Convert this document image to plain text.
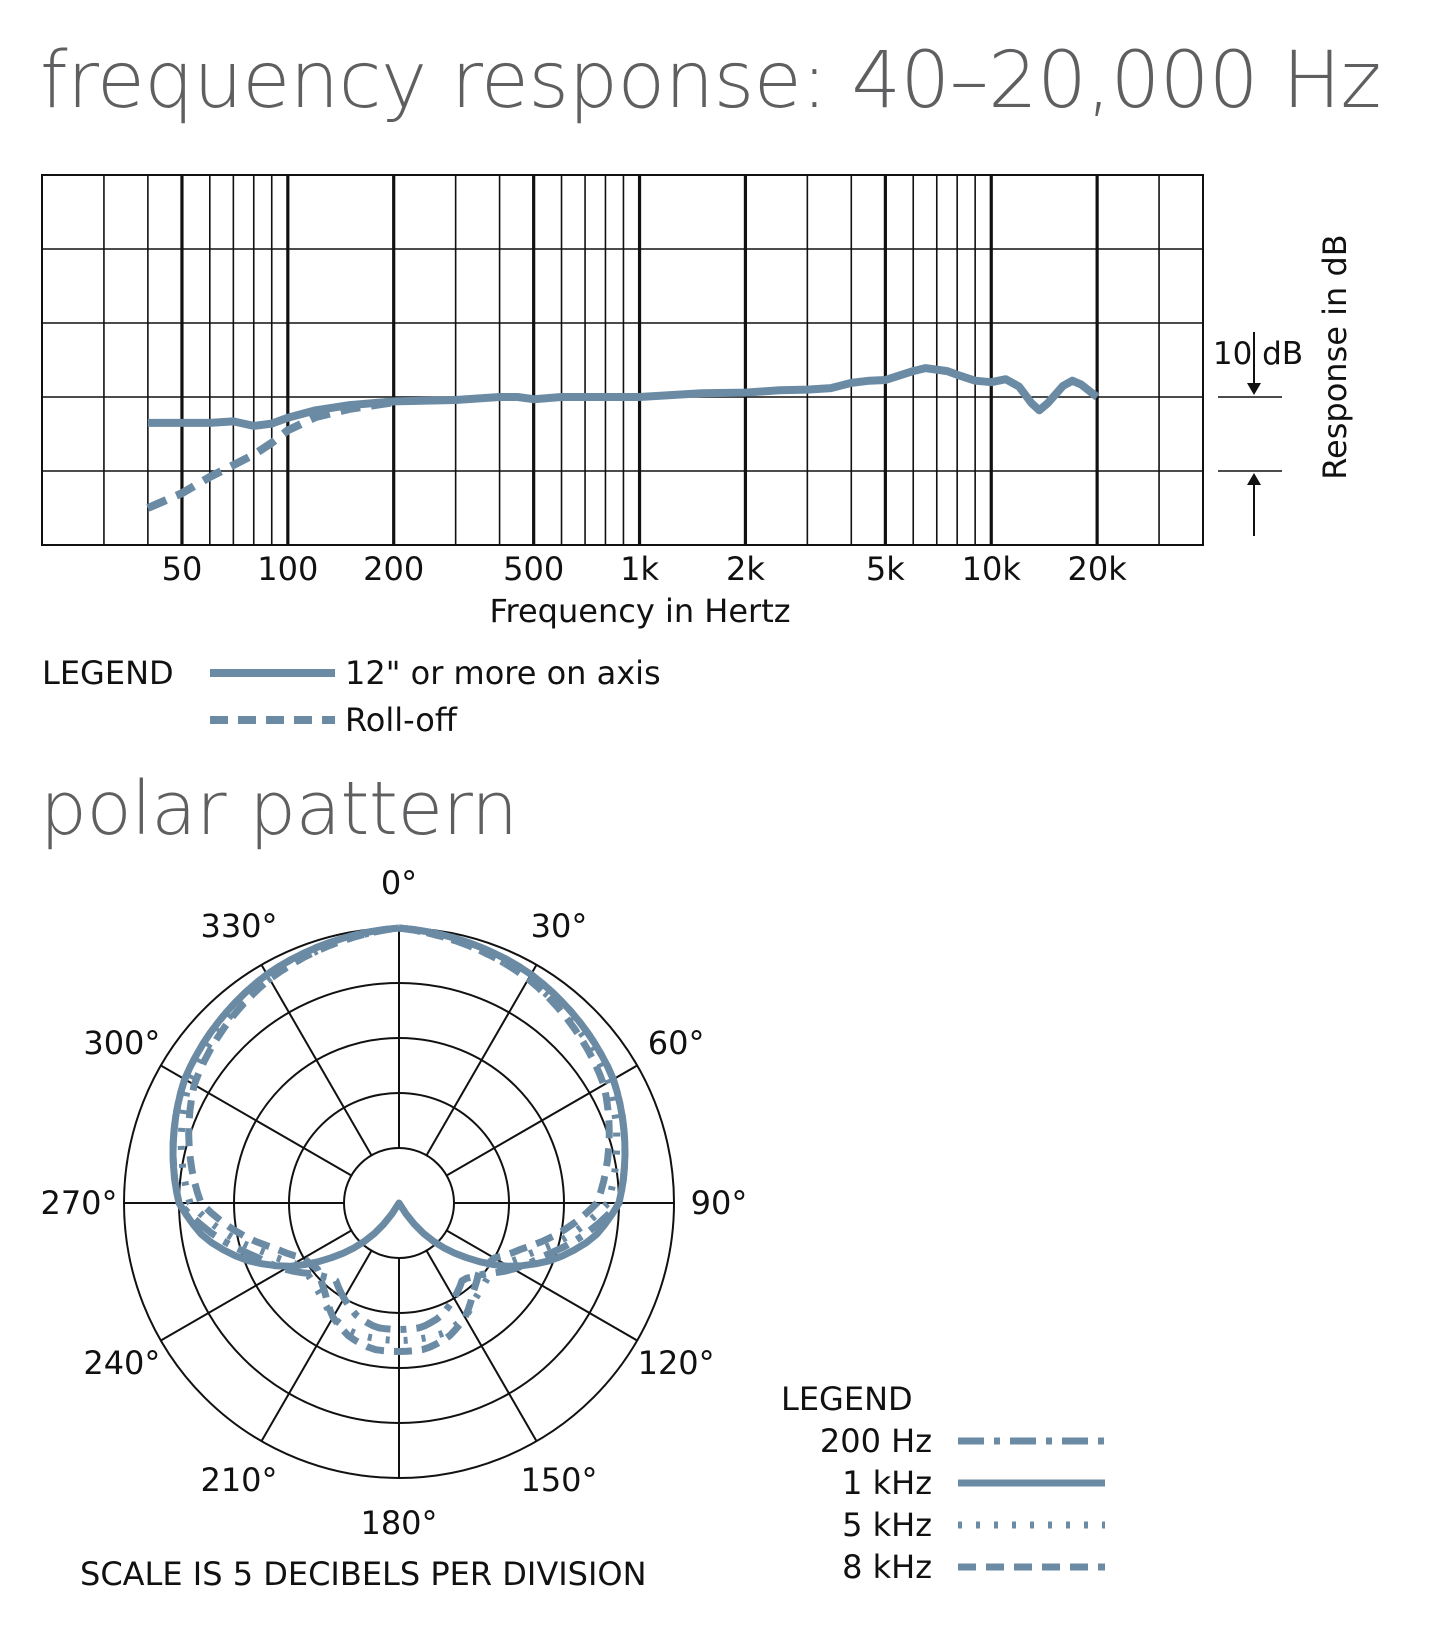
frequency response: 40–20,000 Hz
polar pattern
50 100 200 500 1k 2k	5k 10k 20k
Frequency in Hertz
Response in dB
10 dB
LEGEND	12" or more on axis
Roll-off
0°
30°
60°
90°
120°
150°
180°
210°
240°
270°
300°
330°
SCALE IS 5 DECIBELS PER DIVISION
LEGEND
200 Hz
1 kHz
5 kHz
8 kHz
